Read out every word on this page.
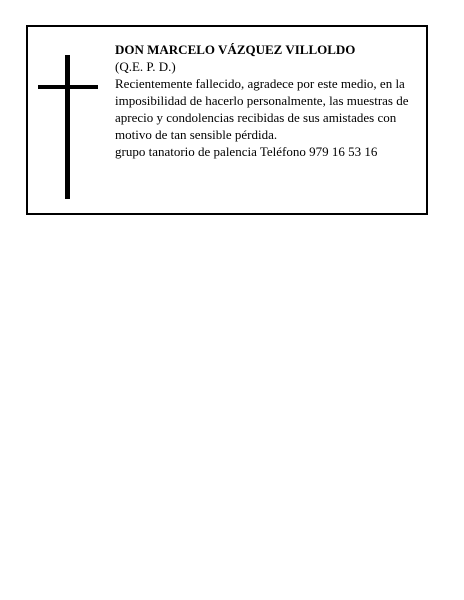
DON MARCELO VÁZQUEZ VILLOLDO

(Q.E. P. D.)

Recientemente fallecido, agradece por este medio, en la imposibilidad de hacerlo personalmente, las muestras de aprecio y condolencias recibidas de sus amistades con motivo de tan sensible pérdida.

grupo tanatorio de palencia Teléfono 979 16 53 16
